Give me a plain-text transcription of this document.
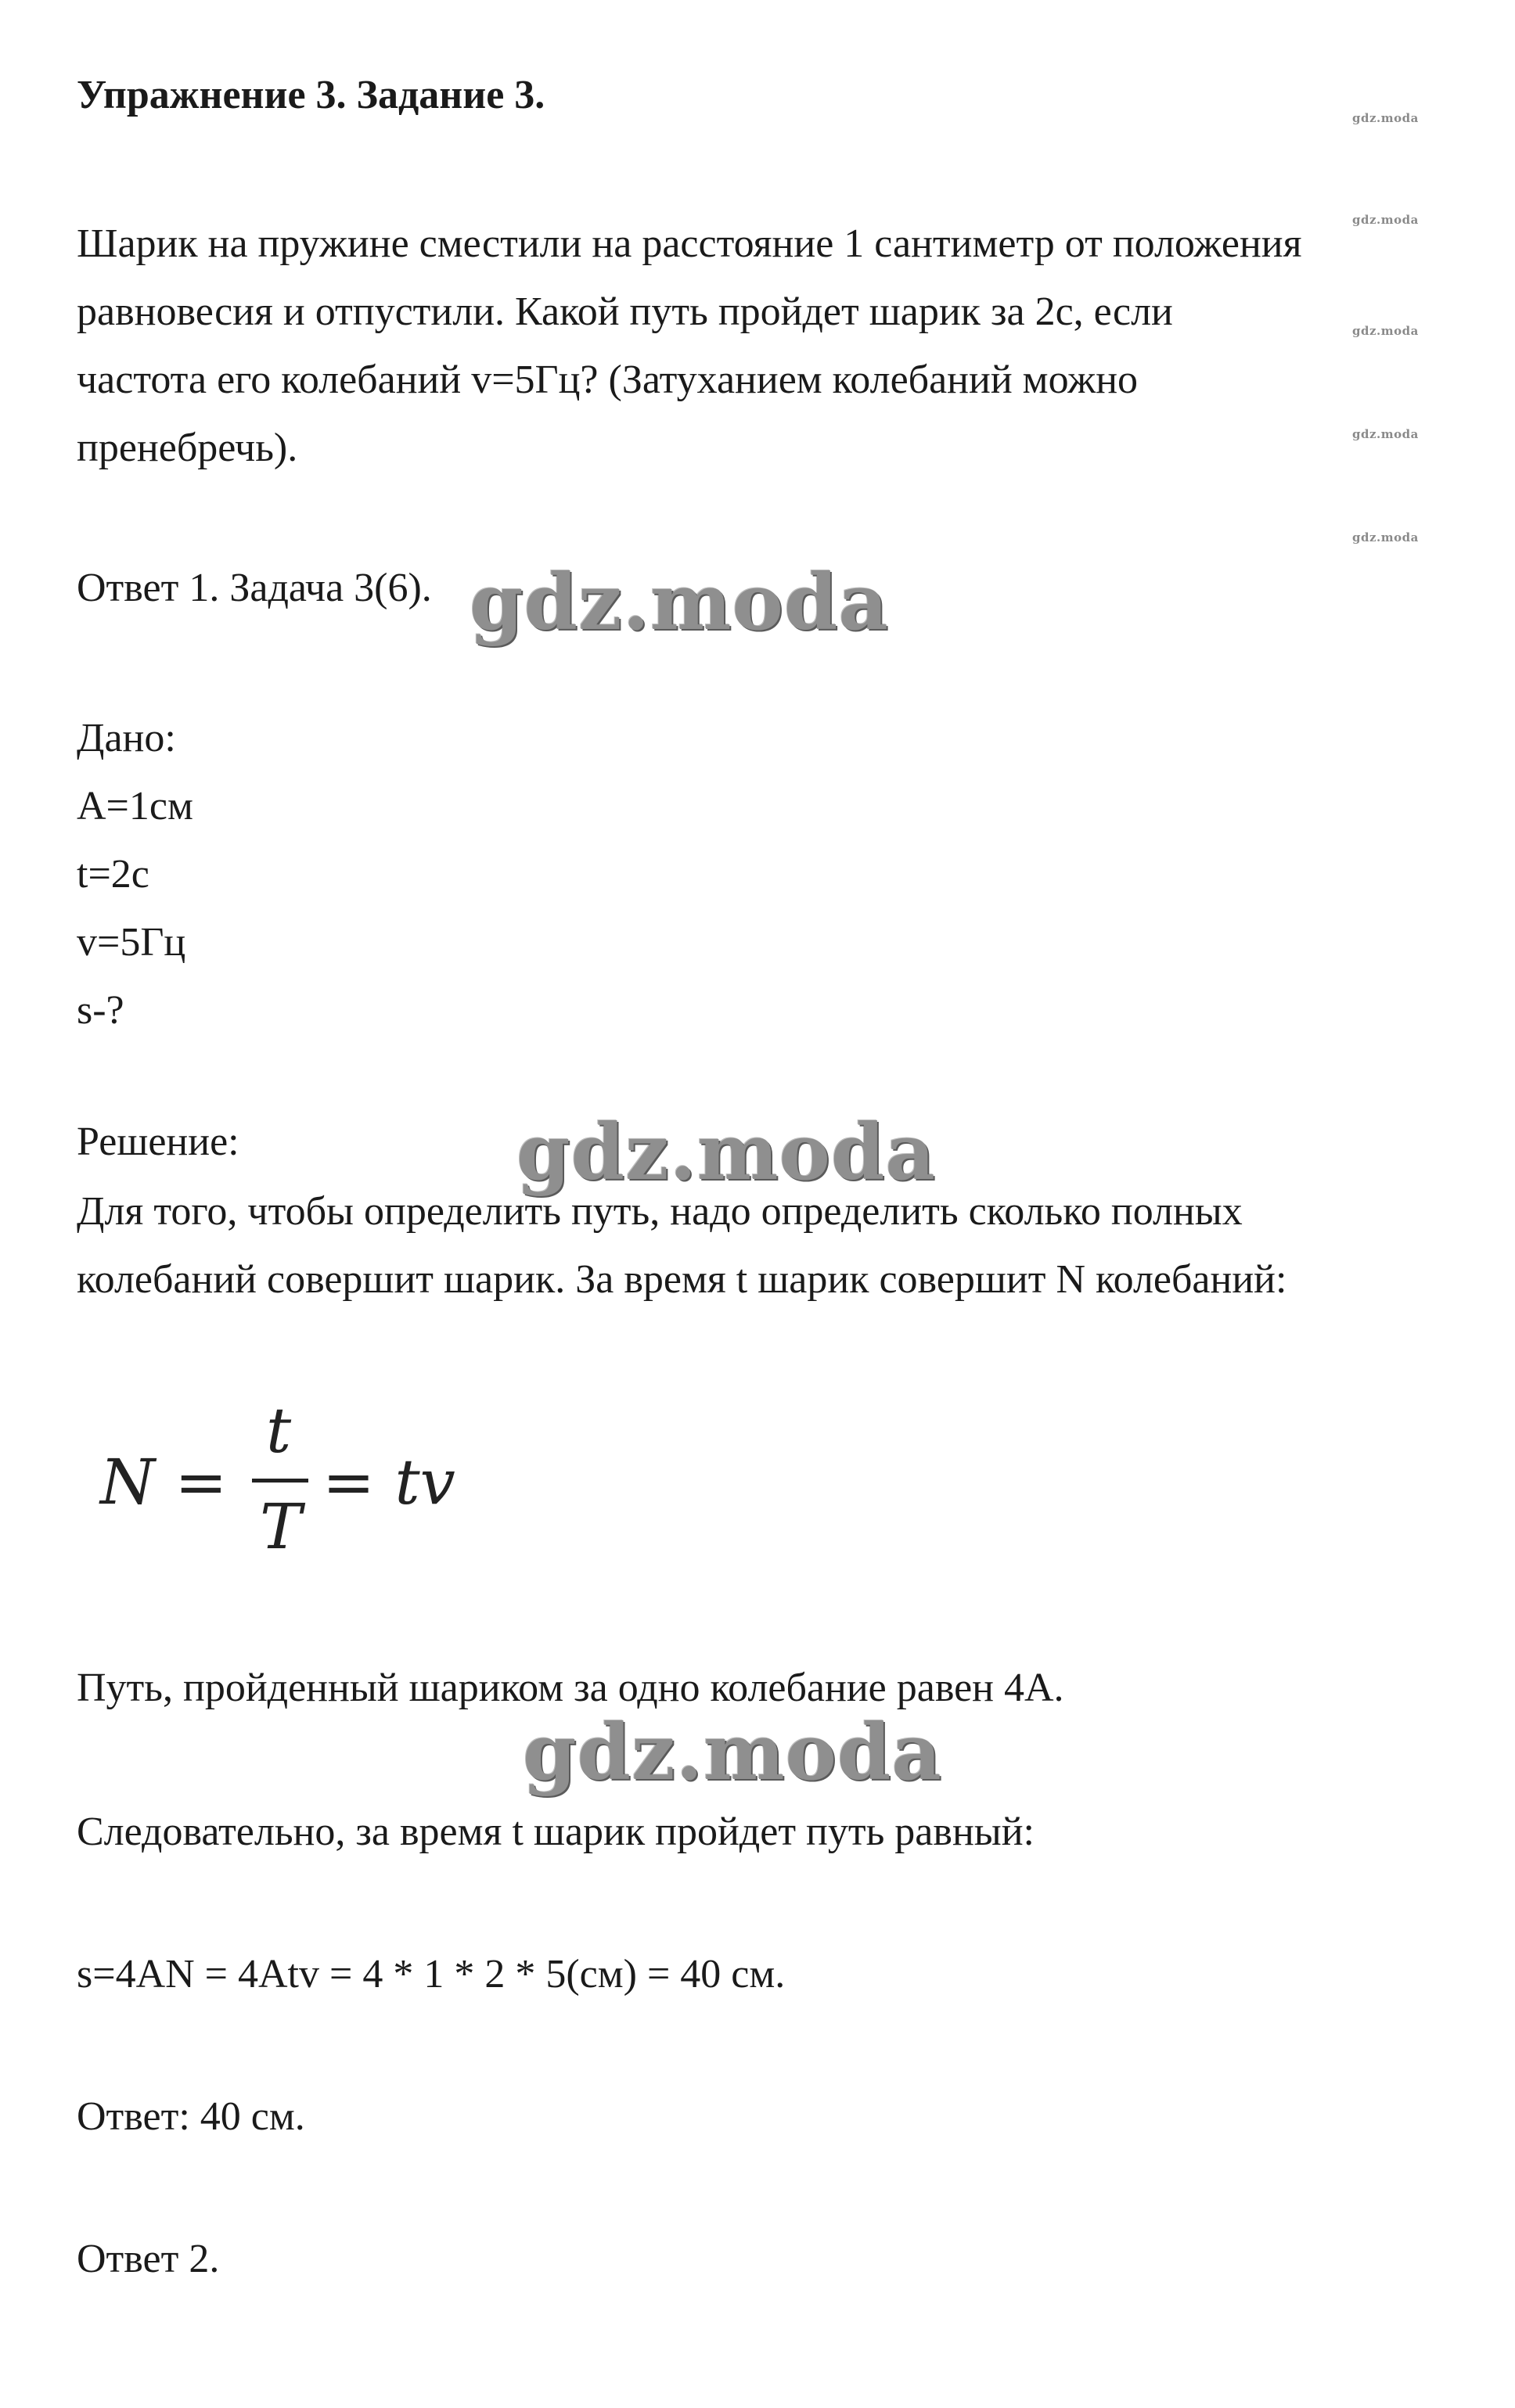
Упражнение 3. Задание 3.
gdz.moda
gdz.moda
gdz.moda
gdz.moda
gdz.moda
Шарик на пружине сместили на расстояние 1 сантиметр от положения
равновесия и отпустили. Какой путь пройдет шарик за 2с, если
частота его колебаний v=5Гц? (Затуханием колебаний можно
пренебречь).
Ответ 1. Задача 3(6). gdz.moda
Дано:
A=1см
t=2c
v=5Гц
s-?
Решение:	gdz.moda
Для того, чтобы определить путь, надо определить сколько полных
колебаний совершит шарик. За время t шарик совершит N колебаний:
N =
t
T
= tv
Путь, пройденный шариком за одно колебание равен 4А.
gdz.moda
Следовательно, за время t шарик пройдет путь равный:
s=4AN = 4Atv = 4 * 1 * 2 * 5(см) = 40 см.
Ответ: 40 см.
Ответ 2.
